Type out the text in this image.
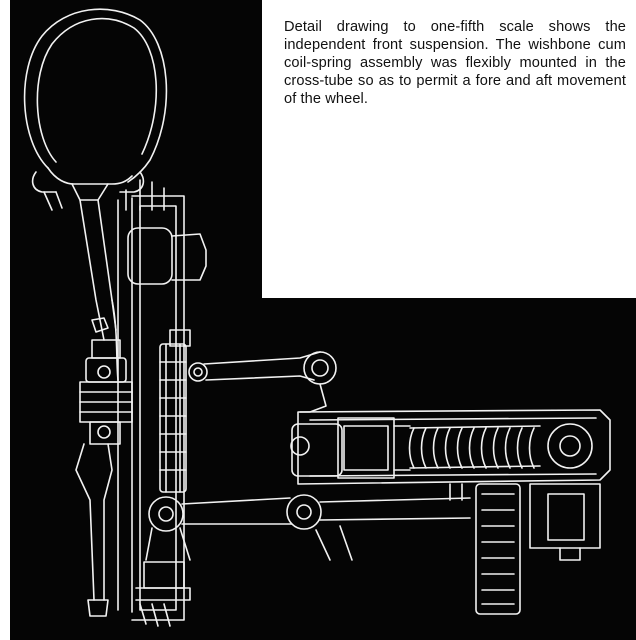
Detail drawing to one-fifth scale shows the independent front suspension. The wishbone cum coil-spring assembly was flexibly mounted in the cross-tube so as to permit a fore and aft movement of the wheel.
